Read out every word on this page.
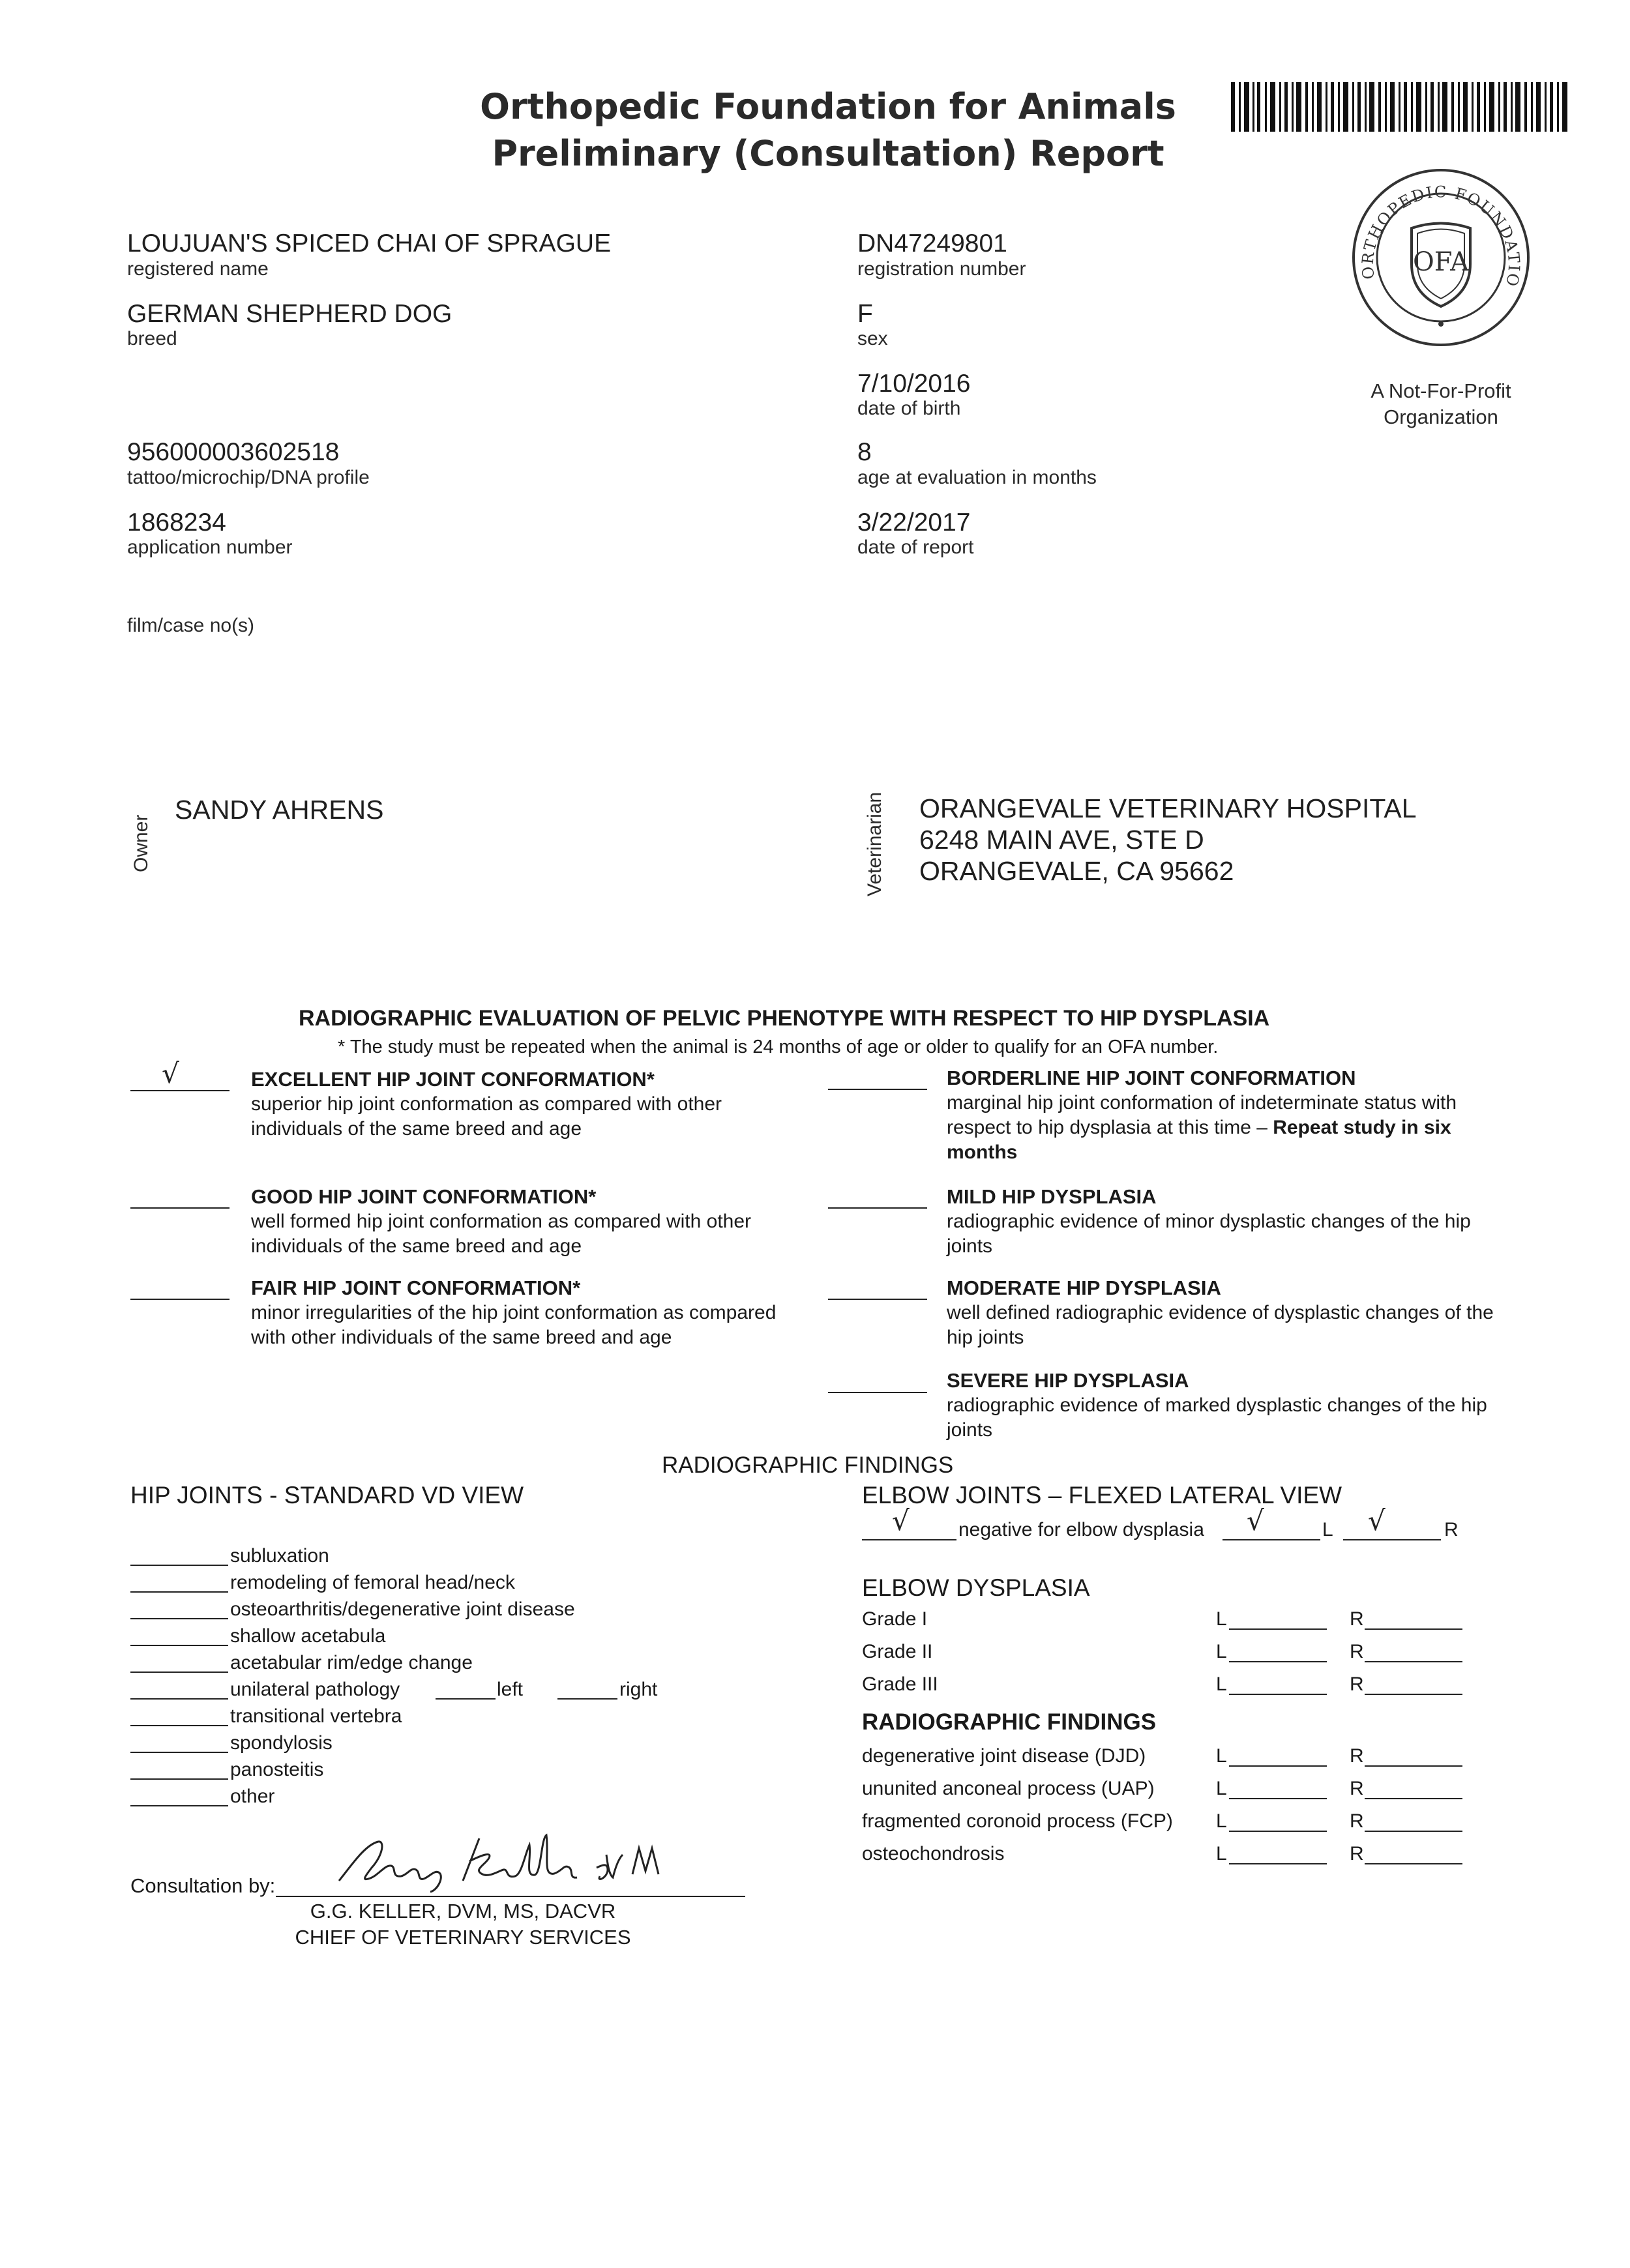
Orthopedic Foundation for Animals
Preliminary (Consultation) Report
ORTHOPEDIC FOUNDATIO
OFA
A Not-For-Profit
Organization
LOUJUAN'S SPICED CHAI OF SPRAGUE
registered name
GERMAN SHEPHERD DOG
breed
956000003602518
tattoo/microchip/DNA profile
1868234
application number
film/case no(s)
DN47249801
registration number
F
sex
7/10/2016
date of birth
8
age at evaluation in months
3/22/2017
date of report
Owner
SANDY AHRENS	Veterinarian ORANGEVALE VETERINARY HOSPITAL
6248 MAIN AVE, STE D
ORANGEVALE, CA 95662
RADIOGRAPHIC EVALUATION OF PELVIC PHENOTYPE WITH RESPECT TO HIP DYSPLASIA
* The study must be repeated when the animal is 24 months of age or older to qualify for an OFA number.
√	EXCELLENT HIP JOINT CONFORMATION*
superior hip joint conformation as compared with other individuals of the same breed and age
GOOD HIP JOINT CONFORMATION*
well formed hip joint conformation as compared with other individuals of the same breed and age
FAIR HIP JOINT CONFORMATION*
minor irregularities of the hip joint conformation as compared with other individuals of the same breed and age
BORDERLINE HIP JOINT CONFORMATION
marginal hip joint conformation of indeterminate status with respect to hip dysplasia at this time – Repeat study in six months
MILD HIP DYSPLASIA
radiographic evidence of minor dysplastic changes of the hip joints
MODERATE HIP DYSPLASIA
well defined radiographic evidence of dysplastic changes of the hip joints
SEVERE HIP DYSPLASIA
radiographic evidence of marked dysplastic changes of the hip joints
RADIOGRAPHIC FINDINGS
HIP JOINTS - STANDARD VD VIEW
subluxation
remodeling of femoral head/neck
osteoarthritis/degenerative joint disease
shallow acetabula
acetabular rim/edge change
unilateral pathology	left	right
transitional vertebra
spondylosis
panosteitis
other
ELBOW JOINTS – FLEXED LATERAL VIEW
√	negative for elbow dysplasia √	L √	R
ELBOW DYSPLASIA
Grade I	L	R
Grade II	L	R
Grade III	L	R
RADIOGRAPHIC FINDINGS
degenerative joint disease (DJD)	L	R
ununited anconeal process (UAP)	L	R
fragmented coronoid process (FCP) L	R
osteochondrosis	L	R
Consultation by:
G.G. KELLER, DVM, MS, DACVR
CHIEF OF VETERINARY SERVICES
